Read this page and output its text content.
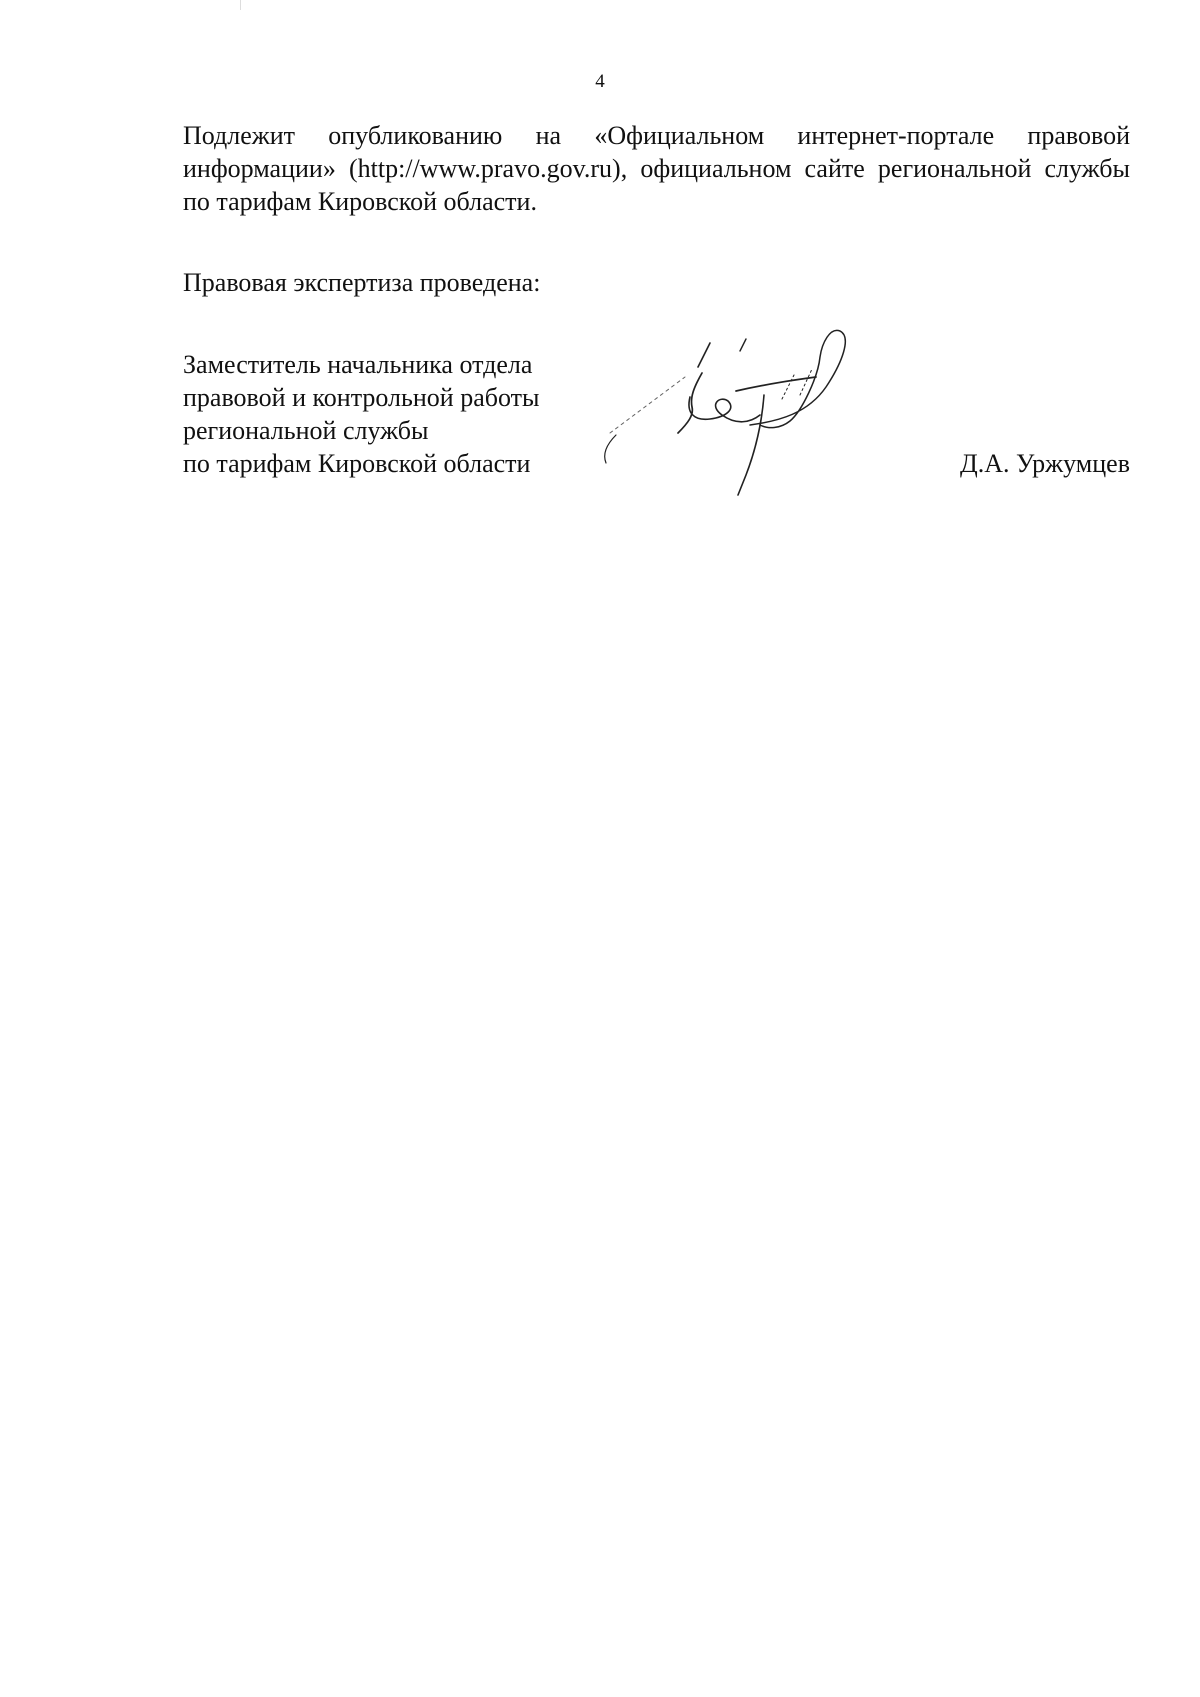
4

Подлежит опубликованию на «Официальном интернет-портале правовой информации» (http://www.pravo.gov.ru), официальном сайте региональной службы по тарифам Кировской области.

Правовая экспертиза проведена:

Заместитель начальника отдела
правовой и контрольной работы
региональной службы
по тарифам Кировской области	Д.А. Уржумцев
